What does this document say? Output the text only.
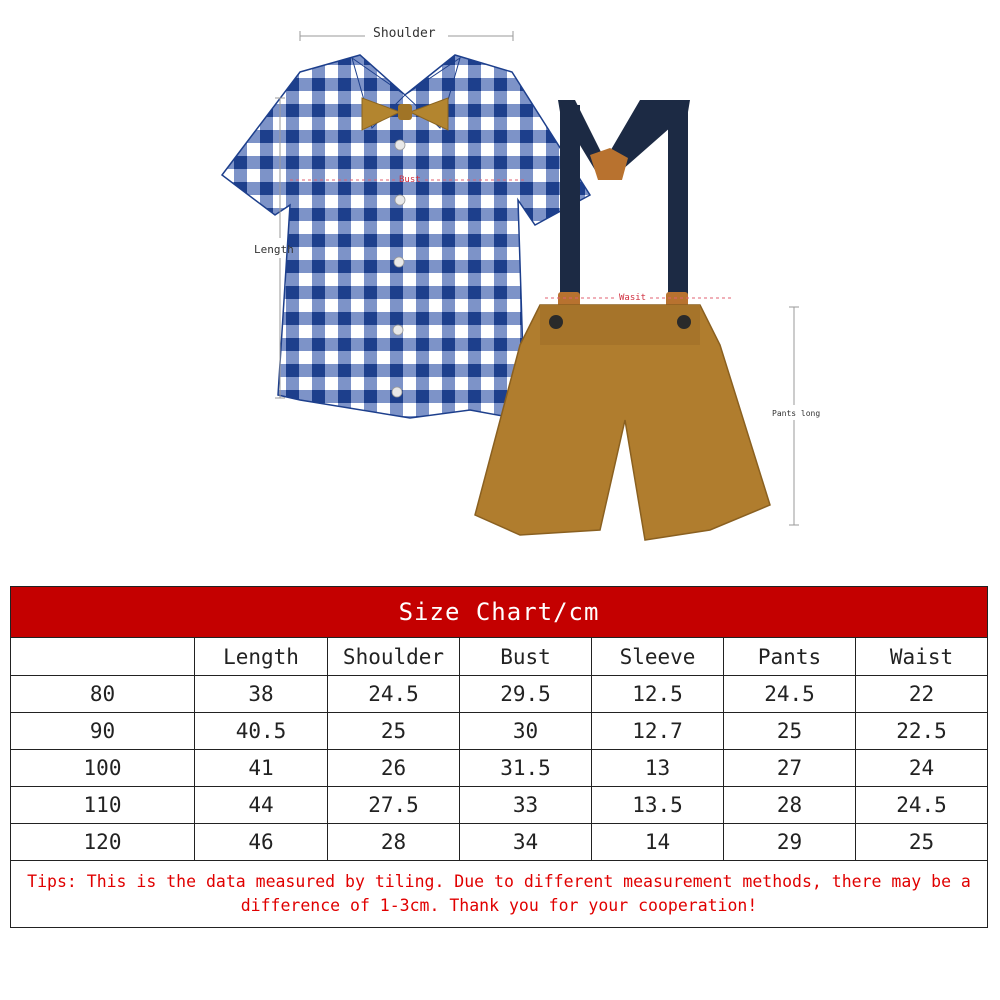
Shoulder
Length
Bust
Wasit
Pants long
Size Chart/cm						
	Length	Shoulder	Bust	Sleeve	Pants	Waist
80	38	24.5	29.5	12.5	24.5	22
90	40.5	25	30	12.7	25	22.5
100	41	26	31.5	13	27	24
110	44	27.5	33	13.5	28	24.5
120	46	28	34	14	29	25
Tips: This is the data measured by tiling. Due to different measurement methods, there may be a difference of 1-3cm. Thank you for your cooperation!						
